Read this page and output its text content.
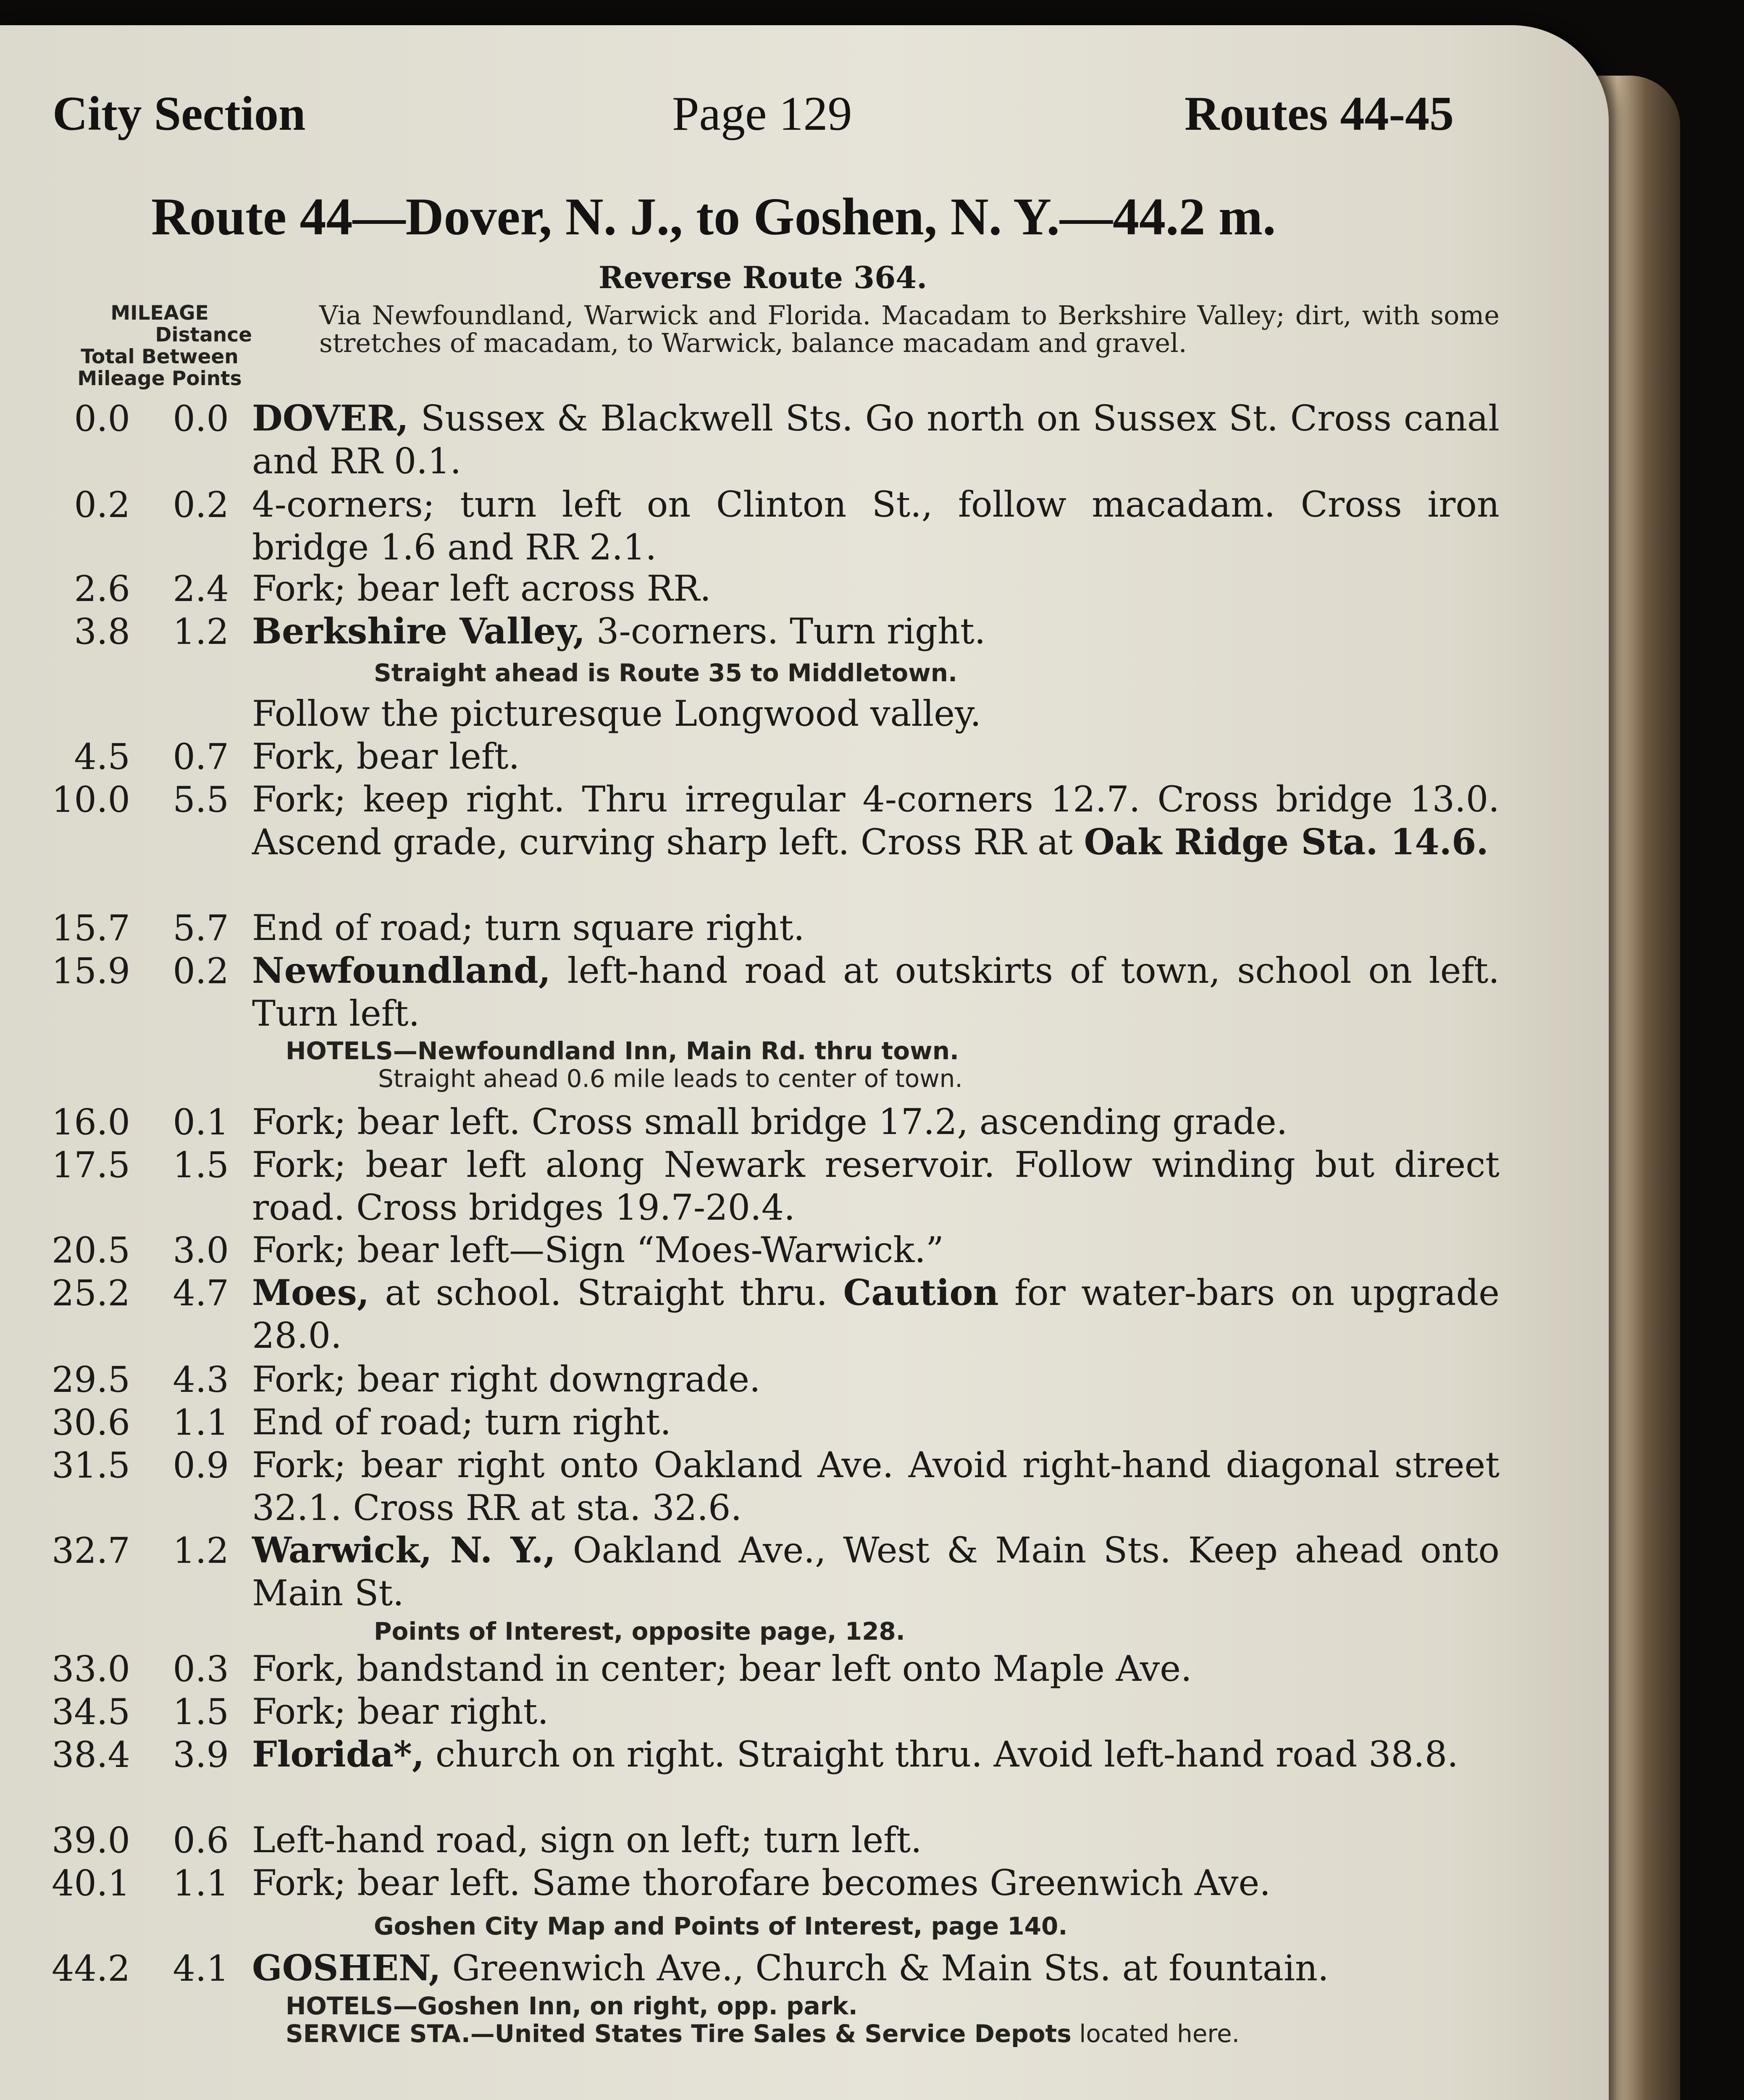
City Section	Page 129	Routes 44-45
Route 44—Dover, N. J., to Goshen, N. Y.—44.2 m.
Reverse Route 364.
MILEAGE
Distance
Total Between
Mileage Points
Via Newfoundland, Warwick and Florida. Macadam to Berkshire Valley; dirt, with some stretches of macadam, to Warwick, balance macadam and gravel.
0.0	0.0 DOVER, Sussex & Blackwell Sts. Go north on Sussex St. Cross canal and RR 0.1.
0.2	0.2 4-corners; turn left on Clinton St., follow macadam. Cross iron bridge 1.6 and RR 2.1.
2.6	2.4 Fork; bear left across RR.
3.8	1.2 Berkshire Valley, 3-corners. Turn right.
4.5	0.7 Fork, bear left.
10.0	5.5 Fork; keep right. Thru irregular 4-corners 12.7. Cross bridge 13.0. Ascend grade, curving sharp left. Cross RR at Oak Ridge Sta. 14.6.
15.7	5.7 End of road; turn square right.
15.9	0.2 Newfoundland, left-hand road at outskirts of town, school on left. Turn left.
16.0	0.1 Fork; bear left. Cross small bridge 17.2, ascending grade.
17.5	1.5 Fork; bear left along Newark reservoir. Follow winding but direct road. Cross bridges 19.7-20.4.
20.5	3.0 Fork; bear left—Sign “Moes-Warwick.”
25.2	4.7 Moes, at school. Straight thru. Caution for water-bars on upgrade 28.0.
29.5	4.3 Fork; bear right downgrade.
30.6	1.1 End of road; turn right.
31.5	0.9 Fork; bear right onto Oakland Ave. Avoid right-hand diagonal street 32.1. Cross RR at sta. 32.6.
32.7	1.2 Warwick, N. Y., Oakland Ave., West & Main Sts. Keep ahead onto Main St.
33.0	0.3 Fork, bandstand in center; bear left onto Maple Ave.
34.5	1.5 Fork; bear right.
38.4	3.9 Florida*, church on right. Straight thru. Avoid left-hand road 38.8.
39.0	0.6 Left-hand road, sign on left; turn left.
40.1	1.1 Fork; bear left. Same thorofare becomes Greenwich Ave.
44.2	4.1 GOSHEN, Greenwich Ave., Church & Main Sts. at fountain.
Straight ahead is Route 35 to Middletown.
Follow the picturesque Longwood valley.
HOTELS—Newfoundland Inn, Main Rd. thru town.
Straight ahead 0.6 mile leads to center of town.
Points of Interest, opposite page, 128.
Goshen City Map and Points of Interest, page 140.
HOTELS—Goshen Inn, on right, opp. park.
SERVICE STA.—United States Tire Sales & Service Depots located here.
